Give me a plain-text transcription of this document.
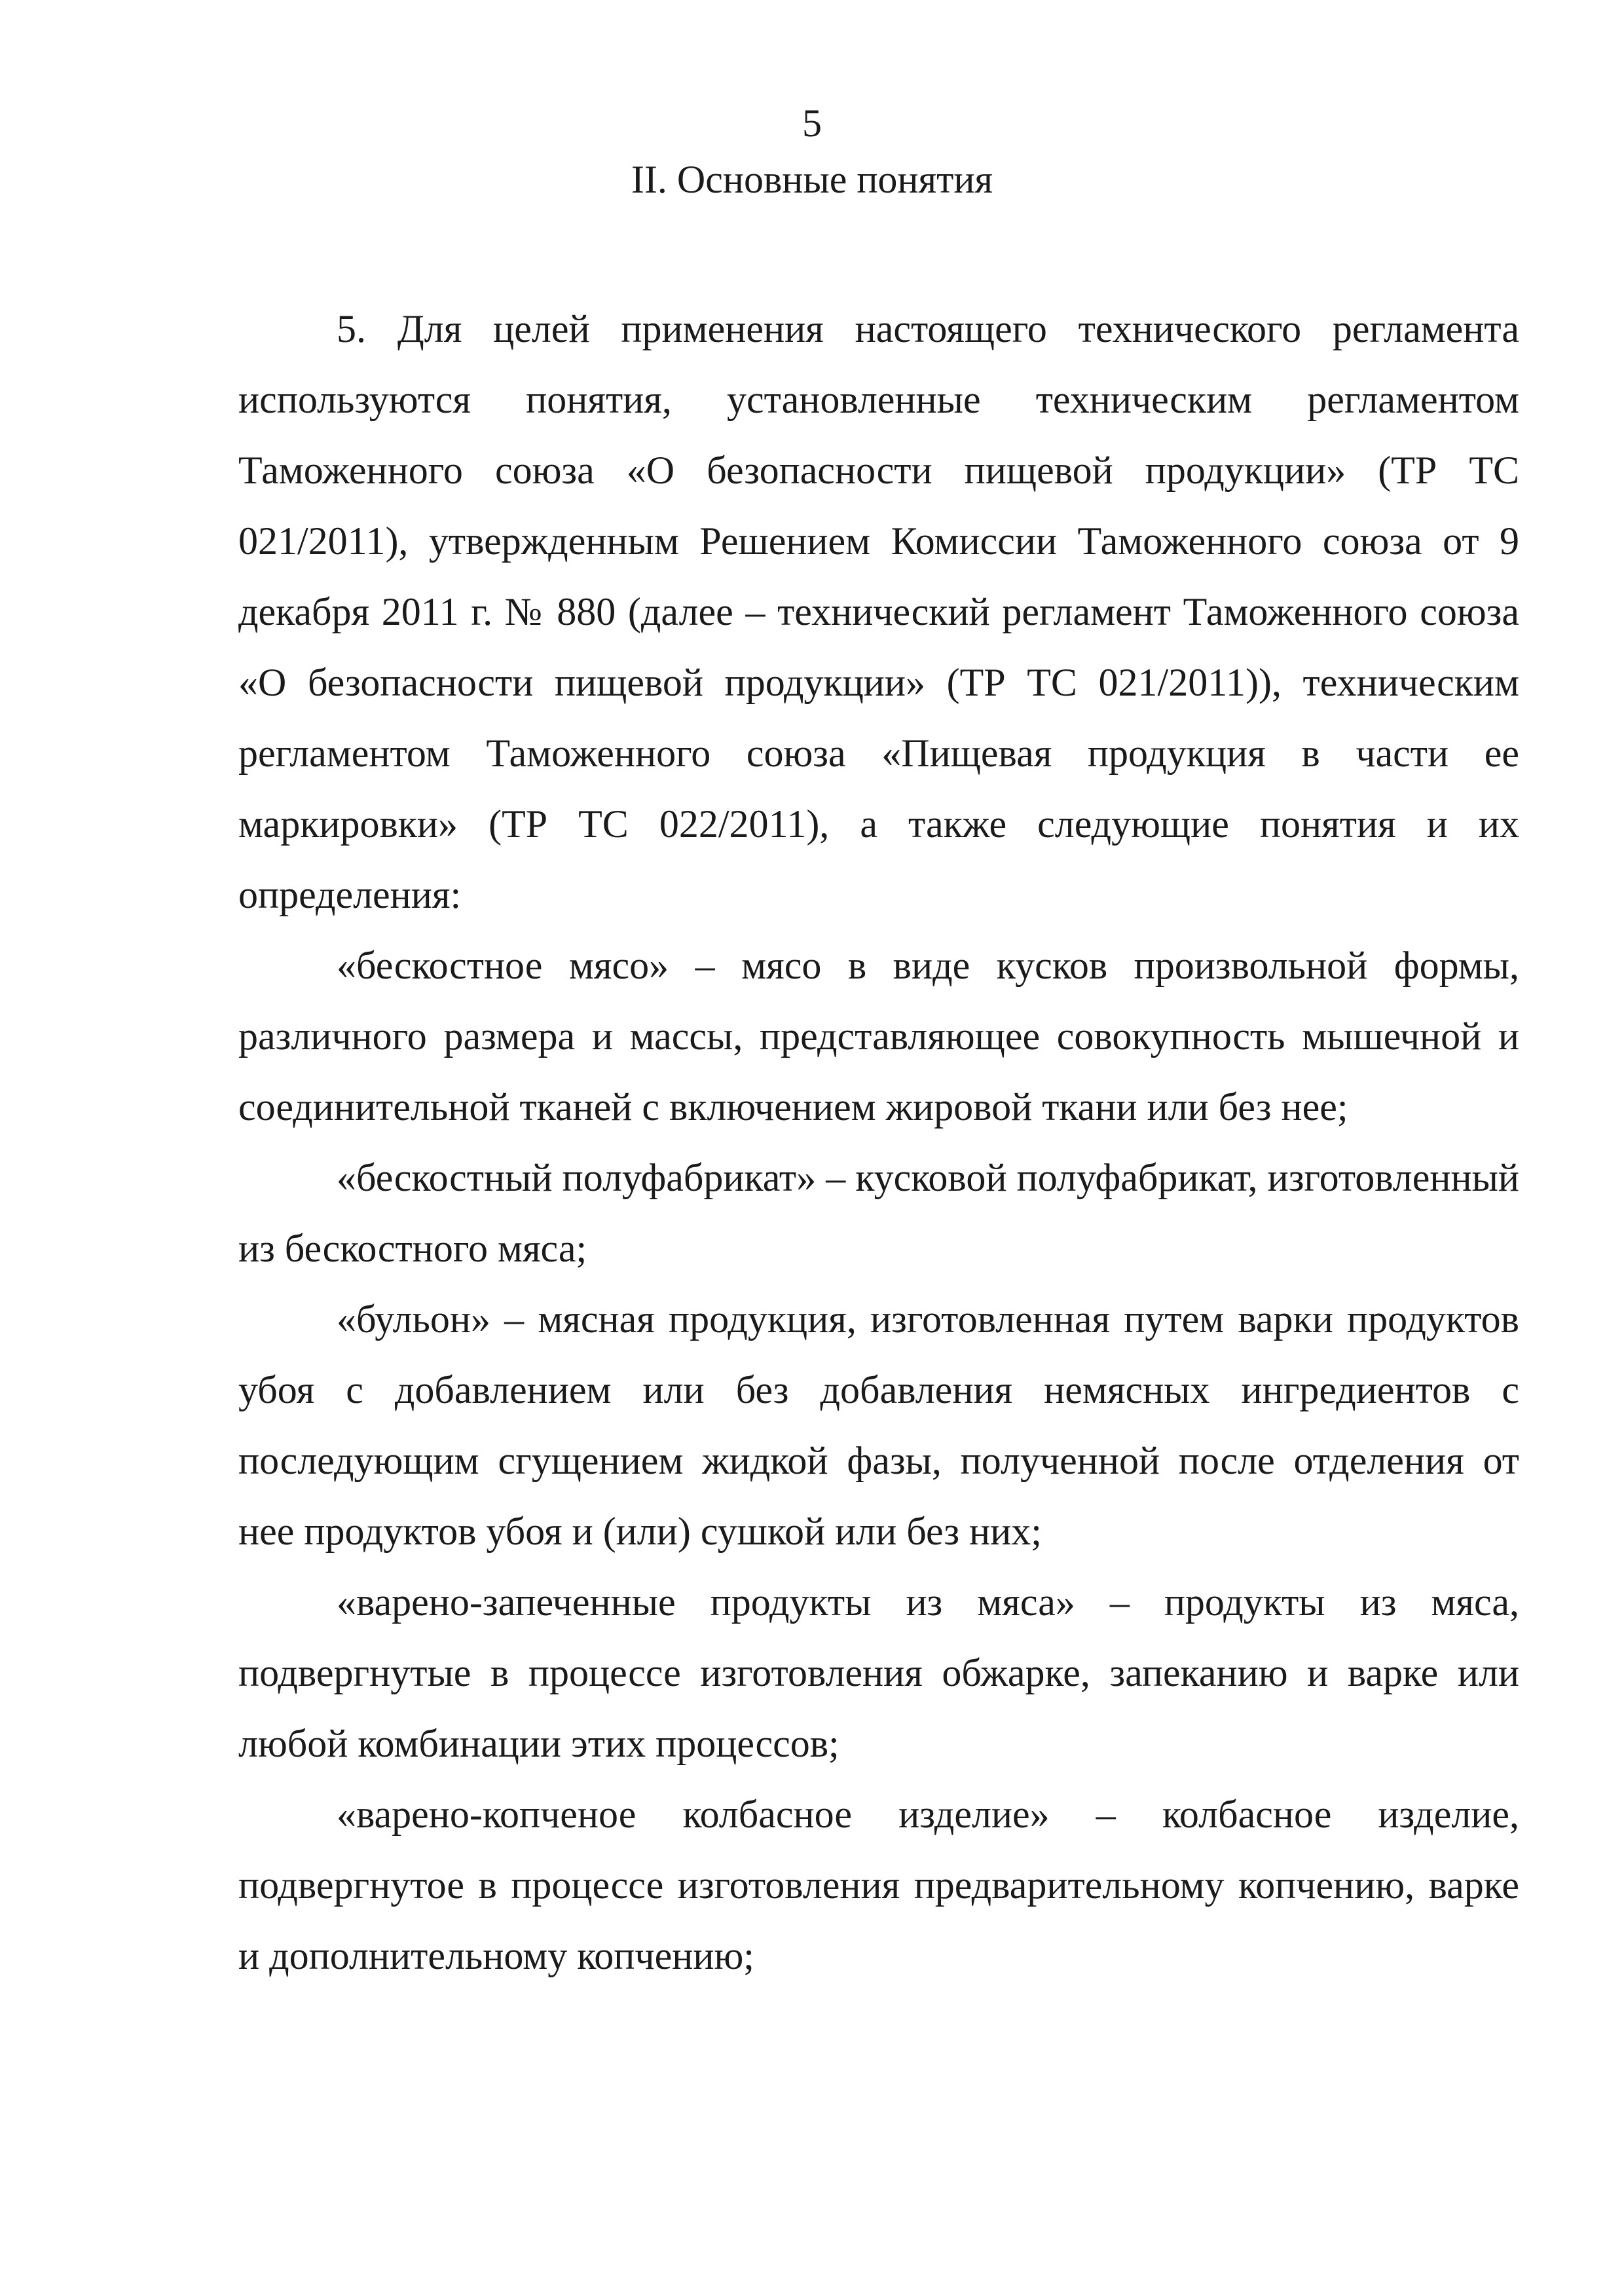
5

II. Основные понятия

5. Для целей применения настоящего технического регламента используются понятия, установленные техническим регламентом Таможенного союза «О безопасности пищевой продукции» (ТР ТС 021/2011), утвержденным Решением Комиссии Таможенного союза от 9 декабря 2011 г. № 880 (далее – технический регламент Таможенного союза «О безопасности пищевой продукции» (ТР ТС 021/2011)), техническим регламентом Таможенного союза «Пищевая продукция в части ее маркировки» (ТР ТС 022/2011), а также следующие понятия и их определения:

«бескостное мясо» – мясо в виде кусков произвольной формы, различного размера и массы, представляющее совокупность мышечной и соединительной тканей с включением жировой ткани или без нее;

«бескостный полуфабрикат» – кусковой полуфабрикат, изготовленный из бескостного мяса;

«бульон» – мясная продукция, изготовленная путем варки продуктов убоя с добавлением или без добавления немясных ингредиентов с последующим сгущением жидкой фазы, полученной после отделения от нее продуктов убоя и (или) сушкой или без них;

«варено-запеченные продукты из мяса» – продукты из мяса, подвергнутые в процессе изготовления обжарке, запеканию и варке или любой комбинации этих процессов;

«варено-копченое колбасное изделие» – колбасное изделие, подвергнутое в процессе изготовления предварительному копчению, варке и дополнительному копчению;
